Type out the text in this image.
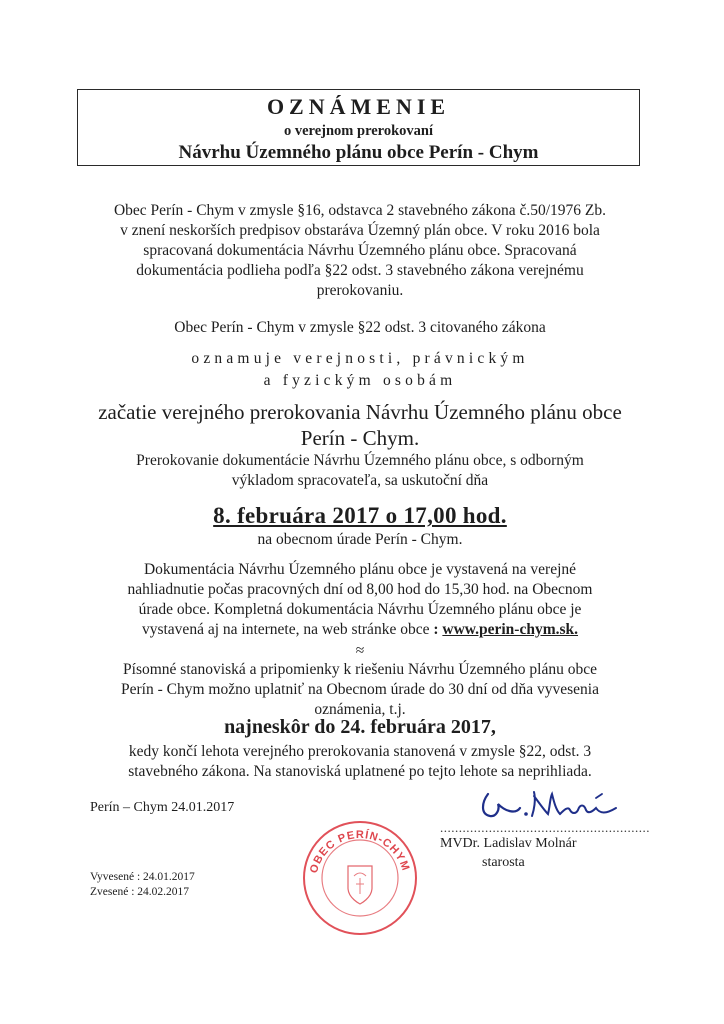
OZNÁMENIE
o verejnom prerokovaní
Návrhu Územného plánu obce Perín - Chym
Obec Perín - Chym v zmysle §16, odstavca 2 stavebného zákona č.50/1976 Zb.
v znení neskorších predpisov obstaráva Územný plán obce. V roku 2016 bola
spracovaná dokumentácia Návrhu Územného plánu obce. Spracovaná
dokumentácia podlieha podľa §22 odst. 3 stavebného zákona verejnému
prerokovaniu.
Obec Perín - Chym v zmysle §22 odst. 3 citovaného zákona
oznamuje verejnosti, právnickým
a fyzickým osobám
začatie verejného prerokovania Návrhu Územného plánu obce
Perín - Chym.
Prerokovanie dokumentácie Návrhu Územného plánu obce, s odborným
výkladom spracovateľa, sa uskutoční dňa
8. februára 2017 o 17,00 hod.
na obecnom úrade Perín - Chym.
Dokumentácia Návrhu Územného plánu obce je vystavená na verejné
nahliadnutie počas pracovných dní od 8,00 hod do 15,30 hod. na Obecnom
úrade obce. Kompletná dokumentácia Návrhu Územného plánu obce je
vystavená aj na internete, na web stránke obce : www.perin-chym.sk.
≈
Písomné stanoviská a pripomienky k riešeniu Návrhu Územného plánu obce
Perín - Chym možno uplatniť na Obecnom úrade do 30 dní od dňa vyvesenia
oznámenia, t.j.
najneskôr do 24. februára 2017,
kedy končí lehota verejného prerokovania stanovená v zmysle §22, odst. 3
stavebného zákona. Na stanoviská uplatnené po tejto lehote sa neprihliada.
Perín – Chym 24.01.2017
........................................................
MVDr. Ladislav Molnár
starosta
OBEC PERÍN-CHYM
Vyvesené : 24.01.2017
Zvesené : 24.02.2017
